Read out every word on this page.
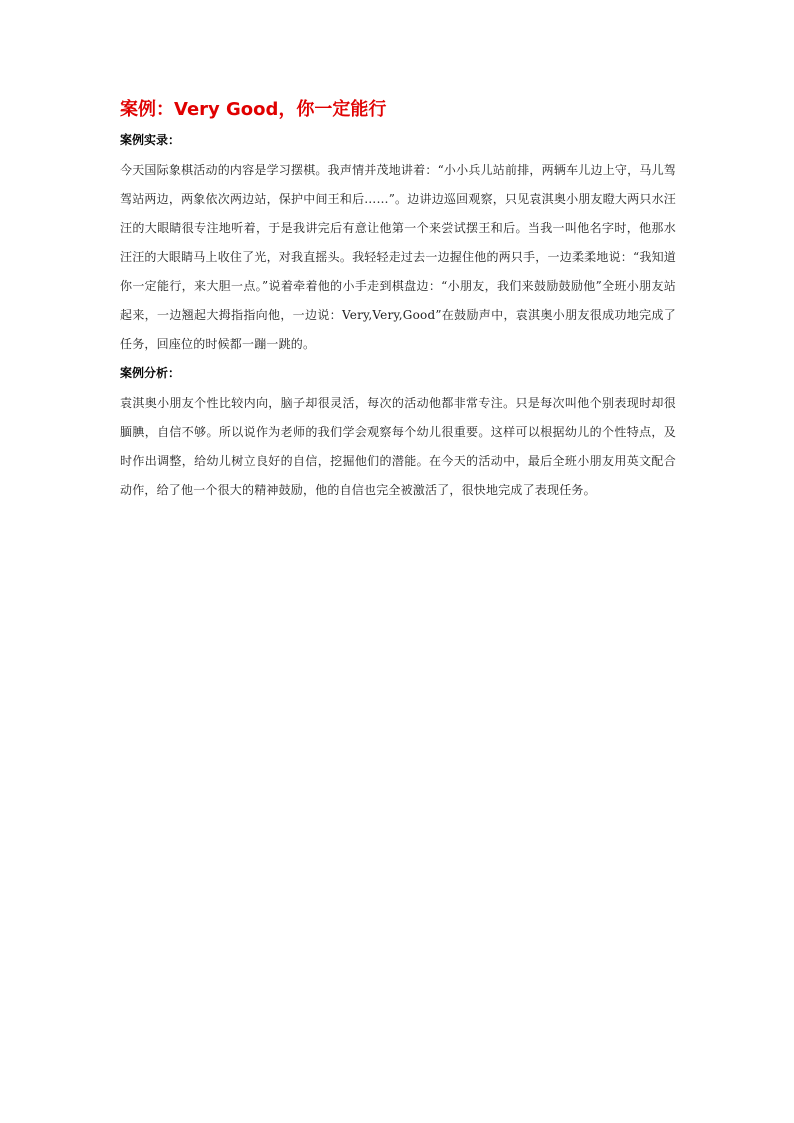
案例：Very Good，你一定能行
案例实录：

今天国际象棋活动的内容是学习摆棋。我声情并茂地讲着：“小小兵儿站前排，两辆车儿边上守，马儿驾驾站两边，两象依次两边站，保护中间王和后……”。边讲边巡回观察，只见袁淇奥小朋友瞪大两只水汪汪的大眼睛很专注地听着，于是我讲完后有意让他第一个来尝试摆王和后。当我一叫他名字时，他那水汪汪的大眼睛马上收住了光，对我直摇头。我轻轻走过去一边握住他的两只手，一边柔柔地说：“我知道你一定能行，来大胆一点。”说着牵着他的小手走到棋盘边：“小朋友，我们来鼓励鼓励他”全班小朋友站起来，一边翘起大拇指指向他，一边说：Very,Very,Good”在鼓励声中，袁淇奥小朋友很成功地完成了任务，回座位的时候都一蹦一跳的。

案例分析：

袁淇奥小朋友个性比较内向，脑子却很灵活，每次的活动他都非常专注。只是每次叫他个别表现时却很腼腆，自信不够。所以说作为老师的我们学会观察每个幼儿很重要。这样可以根据幼儿的个性特点，及时作出调整，给幼儿树立良好的自信，挖掘他们的潜能。在今天的活动中，最后全班小朋友用英文配合动作，给了他一个很大的精神鼓励，他的自信也完全被激活了，很快地完成了表现任务。
